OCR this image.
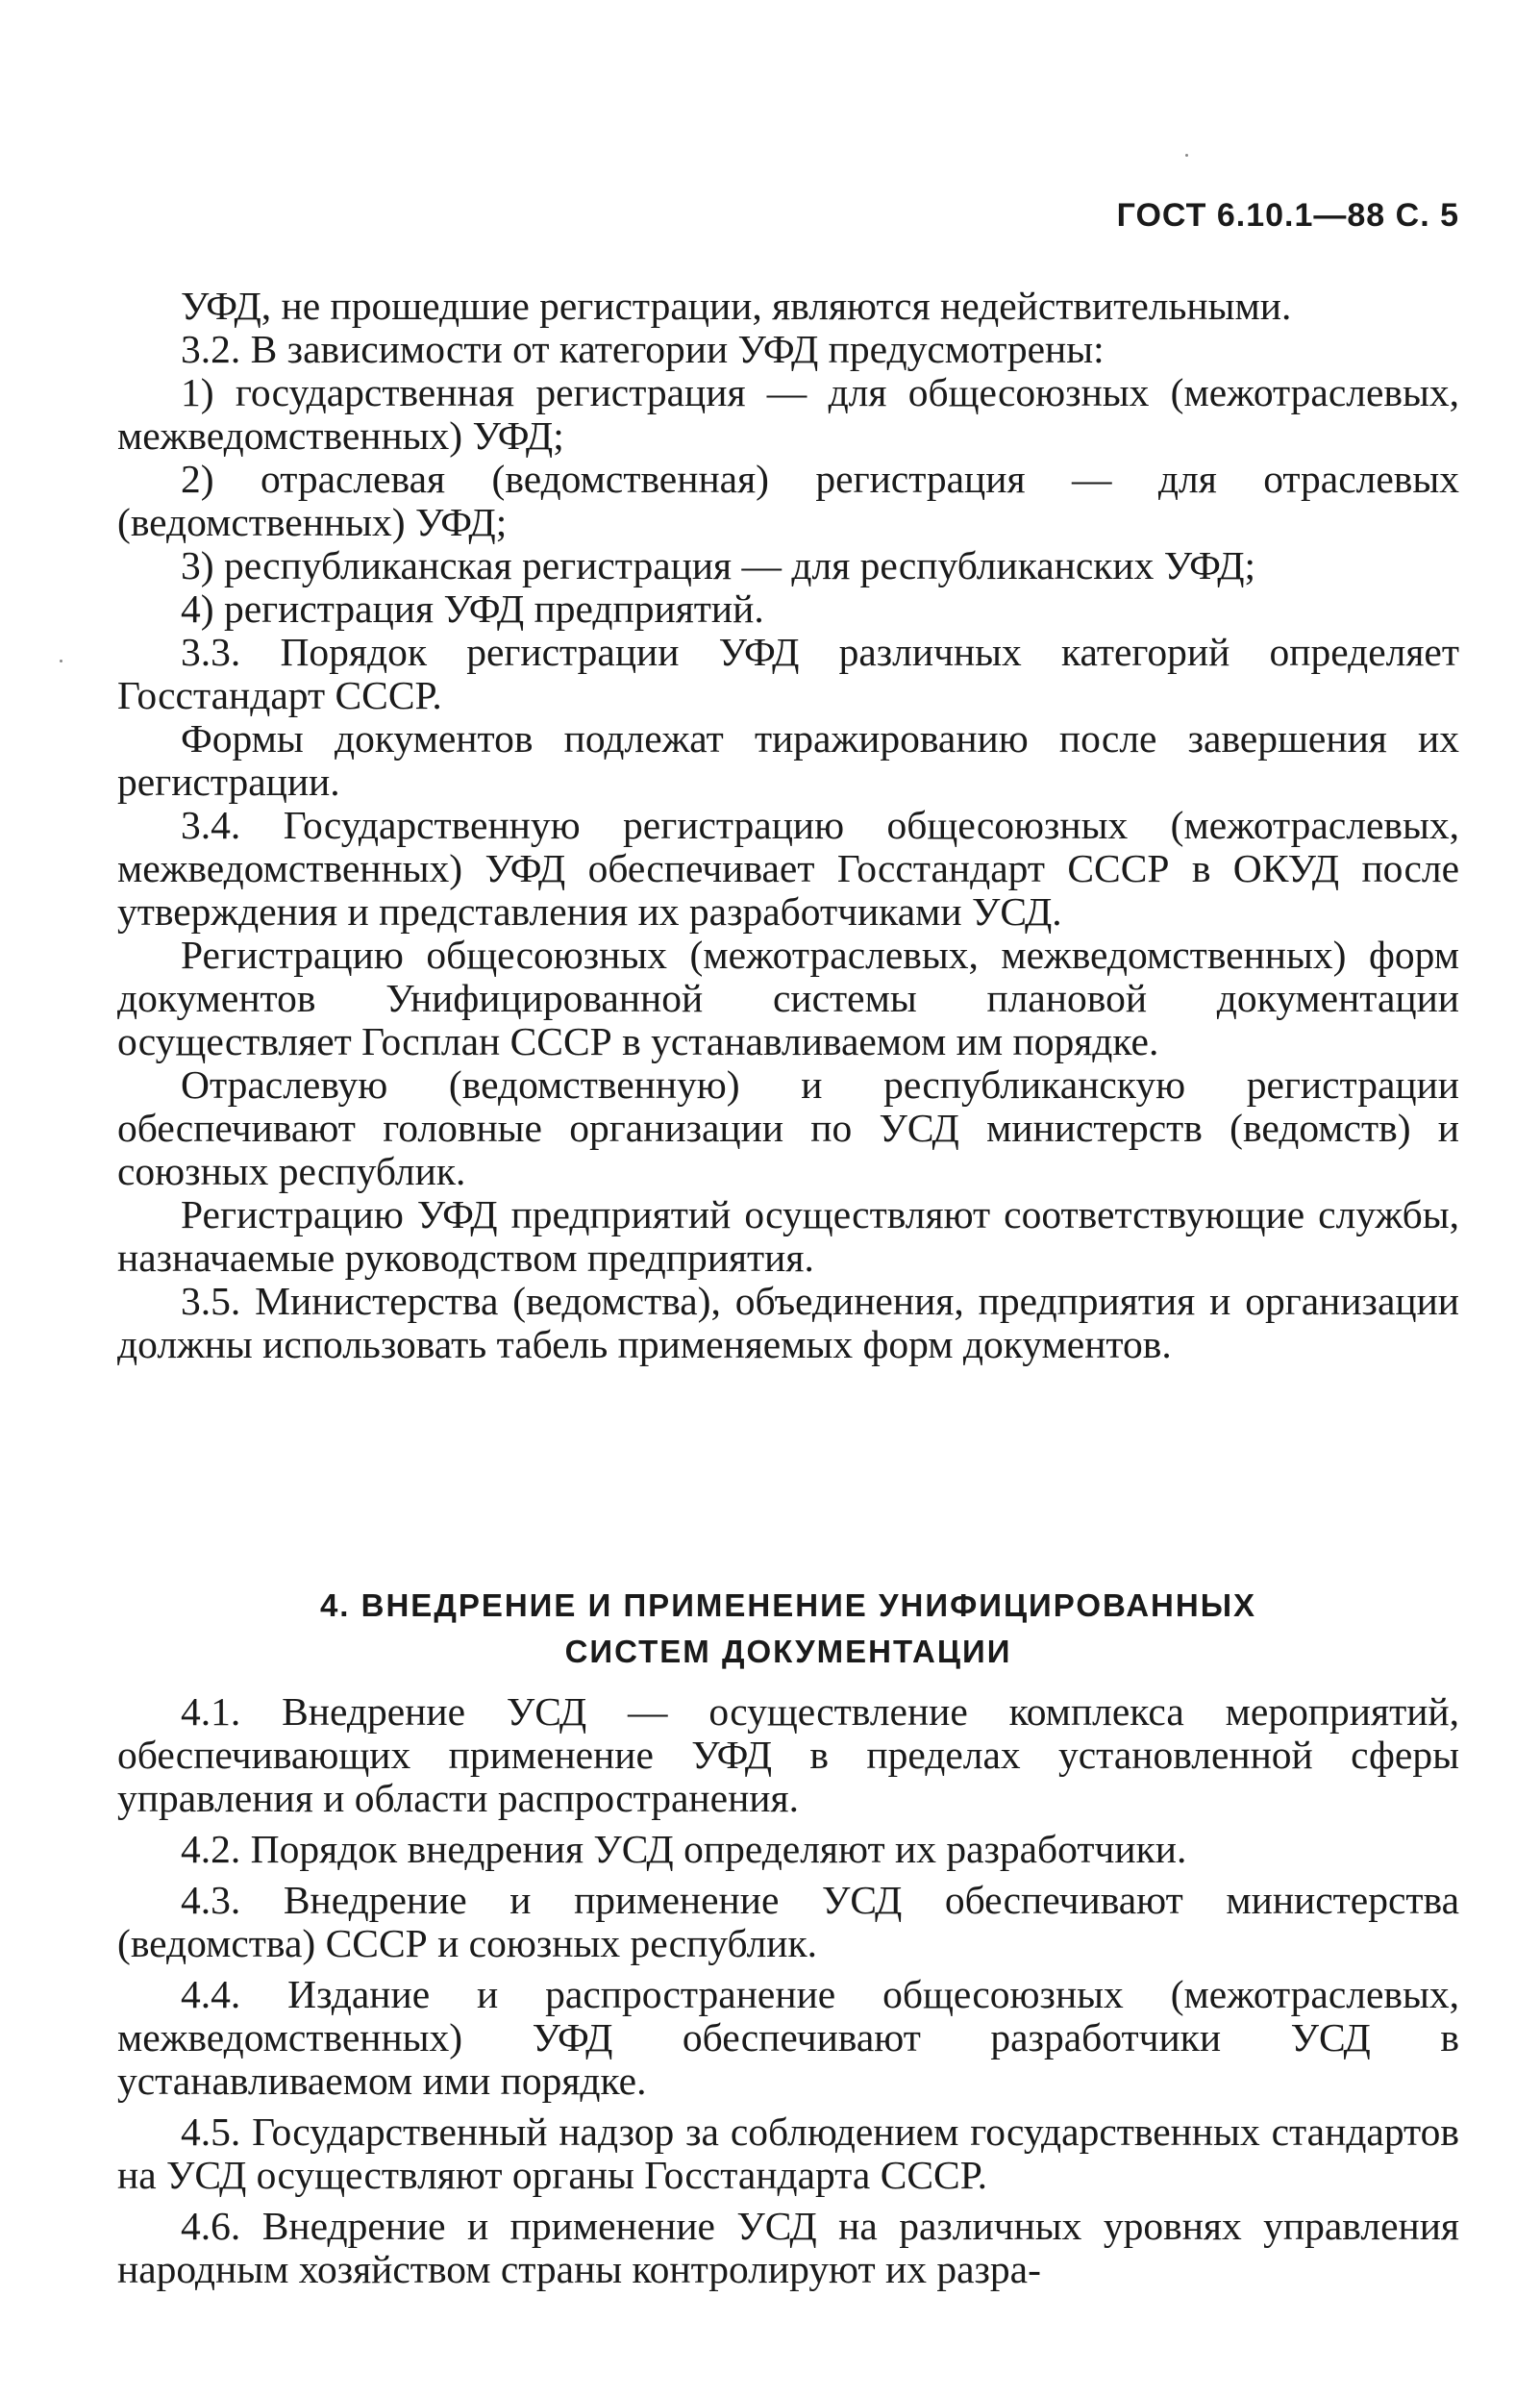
ГОСТ 6.10.1—88 С. 5

УФД, не прошедшие регистрации, являются недействительными.

3.2. В зависимости от категории УФД предусмотрены:

1) государственная регистрация — для общесоюзных (межотраслевых, межведомственных) УФД;

2) отраслевая (ведомственная) регистрация — для отраслевых (ведомственных) УФД;

3) республиканская регистрация — для республиканских УФД;

4) регистрация УФД предприятий.

3.3. Порядок регистрации УФД различных категорий определяет Госстандарт СССР.

Формы документов подлежат тиражированию после завершения их регистрации.

3.4. Государственную регистрацию общесоюзных (межотраслевых, межведомственных) УФД обеспечивает Госстандарт СССР в ОКУД после утверждения и представления их разработчиками УСД.

Регистрацию общесоюзных (межотраслевых, межведомственных) форм документов Унифицированной системы плановой документации осуществляет Госплан СССР в устанавливаемом им порядке.

Отраслевую (ведомственную) и республиканскую регистрации обеспечивают головные организации по УСД министерств (ведомств) и союзных республик.

Регистрацию УФД предприятий осуществляют соответствующие службы, назначаемые руководством предприятия.

3.5. Министерства (ведомства), объединения, предприятия и организации должны использовать табель применяемых форм документов.

4. ВНЕДРЕНИЕ И ПРИМЕНЕНИЕ УНИФИЦИРОВАННЫХ
СИСТЕМ ДОКУМЕНТАЦИИ

4.1. Внедрение УСД — осуществление комплекса мероприятий, обеспечивающих применение УФД в пределах установленной сферы управления и области распространения.

4.2. Порядок внедрения УСД определяют их разработчики.

4.3. Внедрение и применение УСД обеспечивают министерства (ведомства) СССР и союзных республик.

4.4. Издание и распространение общесоюзных (межотраслевых, межведомственных) УФД обеспечивают разработчики УСД в устанавливаемом ими порядке.

4.5. Государственный надзор за соблюдением государственных стандартов на УСД осуществляют органы Госстандарта СССР.

4.6. Внедрение и применение УСД на различных уровнях управления народным хозяйством страны контролируют их разра-
